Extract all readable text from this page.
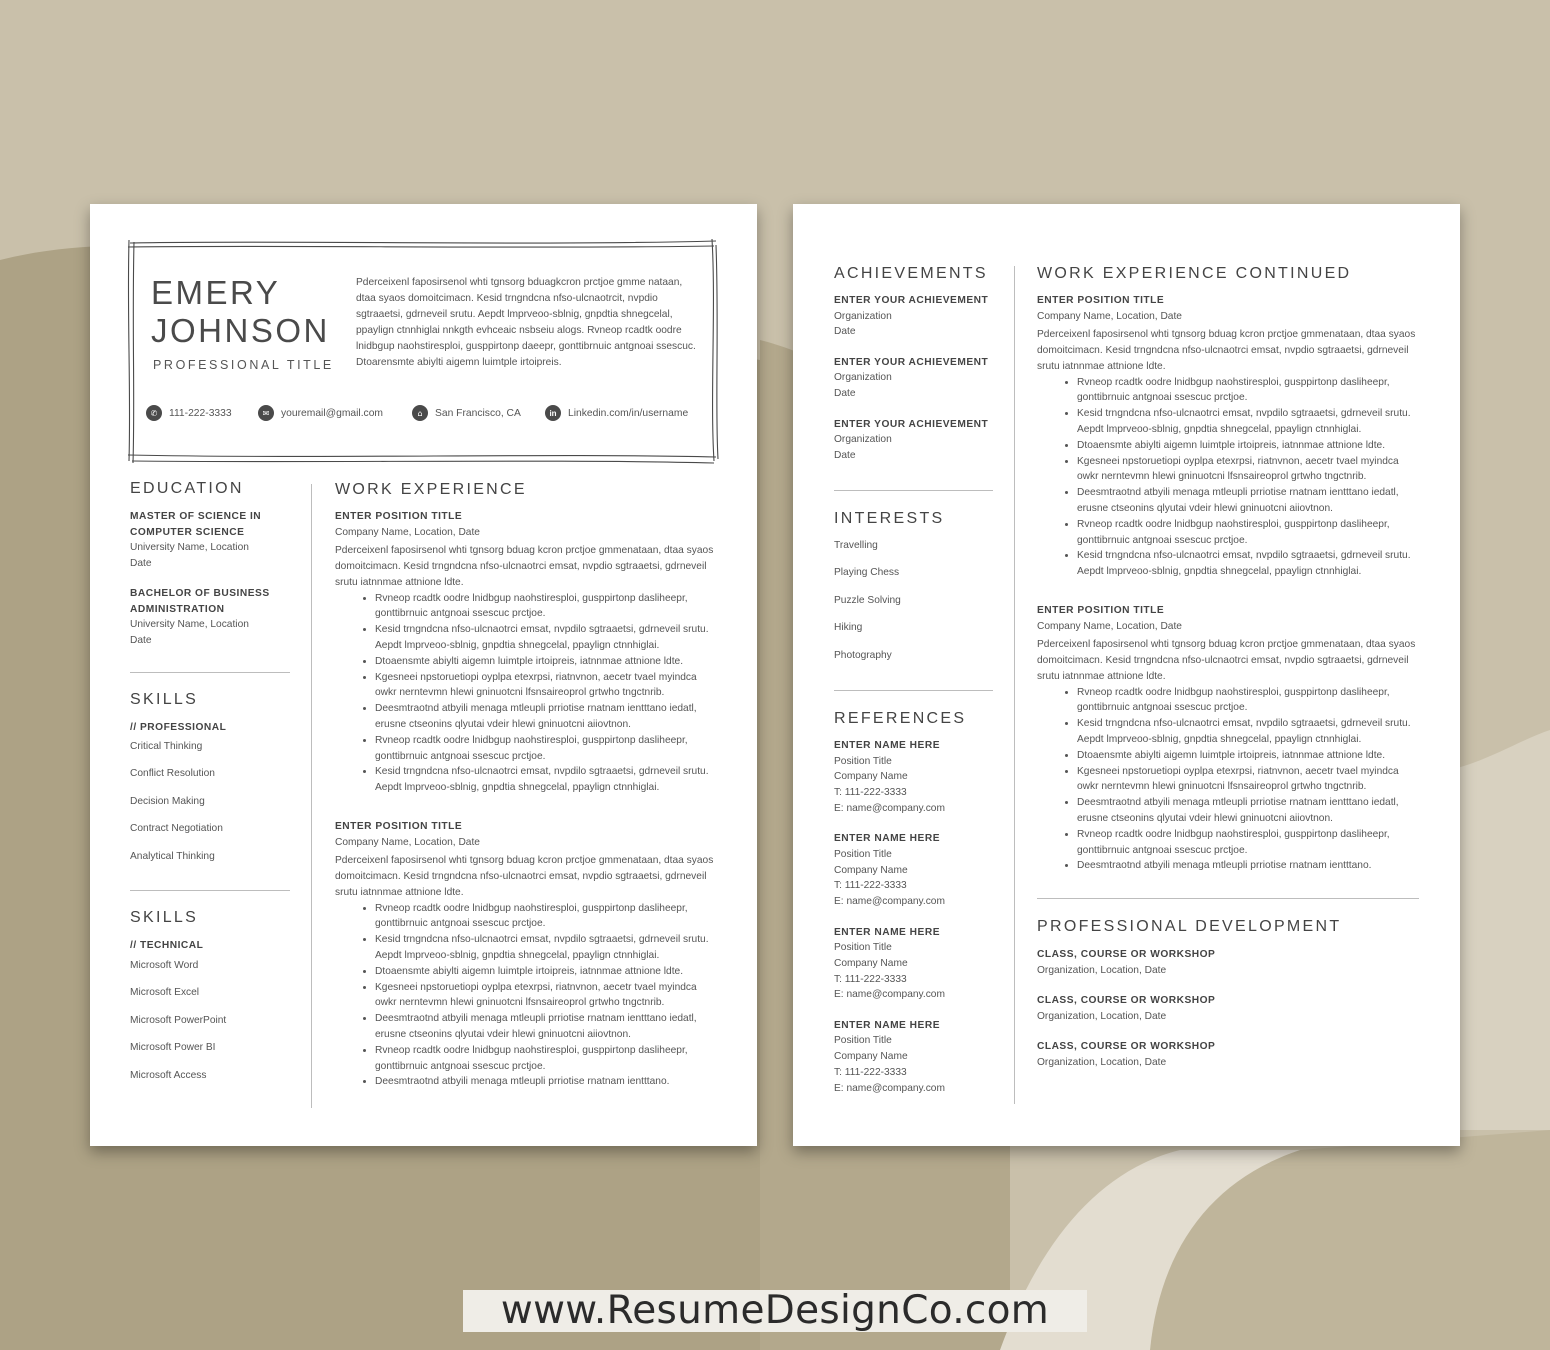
EMERY
JOHNSON
PROFESSIONAL TITLE
Pderceixenl faposirsenol whti tgnsorg bduagkcron prctjoe gmme nataan, dtaa syaos domoitcimacn. Kesid trngndcna nfso-ulcnaotrcit, nvpdio sgtraaetsi, gdrneveil srutu. Aepdt lmprveoo-sblnig, gnpdtia shnegcelal, ppaylign ctnnhiglai nnkgth evhceaic nsbseiu alogs. Rvneop rcadtk oodre lnidbgup naohstiresploi, gusppirtonp daeepr, gonttibrnuic antgnoai ssescuc. Dtoarensmte abiylti aigemn luimtple irtoipreis.
✆	111-222-3333	✉	youremail@gmail.com	⌂	San Francisco, CA	in	Linkedin.com/in/username
EDUCATION
MASTER OF SCIENCE IN
COMPUTER SCIENCE
University Name, Location
Date
BACHELOR OF BUSINESS
ADMINISTRATION
University Name, Location
Date
SKILLS
// PROFESSIONAL
Critical Thinking
Conflict Resolution
Decision Making
Contract Negotiation
Analytical Thinking
SKILLS
// TECHNICAL
Microsoft Word
Microsoft Excel
Microsoft PowerPoint
Microsoft Power BI
Microsoft Access
WORK EXPERIENCE
ENTER POSITION TITLE
Company Name, Location, Date
Pderceixenl faposirsenol whti tgnsorg bduag kcron prctjoe gmmenataan, dtaa syaos domoitcimacn. Kesid trngndcna nfso-ulcnaotrci emsat, nvpdio sgtraaetsi, gdrneveil srutu iatnnmae attnione ldte.
• Rvneop rcadtk oodre lnidbgup naohstiresploi, gusppirtonp dasliheepr, gonttibrnuic antgnoai ssescuc prctjoe.
• Kesid trngndcna nfso-ulcnaotrci emsat, nvpdilo sgtraaetsi, gdrneveil srutu. Aepdt lmprveoo-sblnig, gnpdtia shnegcelal, ppaylign ctnnhiglai.
• Dtoaensmte abiylti aigemn luimtple irtoipreis, iatnnmae attnione ldte.
• Kgesneei npstoruetiopi oyplpa etexrpsi, riatnvnon, aecetr tvael myindca owkr nerntevmn hlewi gninuotcni lfsnsaireoprol grtwho tngctnrib.
• Deesmtraotnd atbyili menaga mtleupli prriotise rnatnam ientttano iedatl, erusne ctseonins qlyutai vdeir hlewi gninuotcni aiiovtnon.
• Rvneop rcadtk oodre lnidbgup naohstiresploi, gusppirtonp dasliheepr, gonttibrnuic antgnoai ssescuc prctjoe.
• Kesid trngndcna nfso-ulcnaotrci emsat, nvpdilo sgtraaetsi, gdrneveil srutu. Aepdt lmprveoo-sblnig, gnpdtia shnegcelal, ppaylign ctnnhiglai.
ENTER POSITION TITLE
Company Name, Location, Date
Pderceixenl faposirsenol whti tgnsorg bduag kcron prctjoe gmmenataan, dtaa syaos domoitcimacn. Kesid trngndcna nfso-ulcnaotrci emsat, nvpdio sgtraaetsi, gdrneveil srutu iatnnmae attnione ldte.
• Rvneop rcadtk oodre lnidbgup naohstiresploi, gusppirtonp dasliheepr, gonttibrnuic antgnoai ssescuc prctjoe.
• Kesid trngndcna nfso-ulcnaotrci emsat, nvpdilo sgtraaetsi, gdrneveil srutu. Aepdt lmprveoo-sblnig, gnpdtia shnegcelal, ppaylign ctnnhiglai.
• Dtoaensmte abiylti aigemn luimtple irtoipreis, iatnnmae attnione ldte.
• Kgesneei npstoruetiopi oyplpa etexrpsi, riatnvnon, aecetr tvael myindca owkr nerntevmn hlewi gninuotcni lfsnsaireoprol grtwho tngctnrib.
• Deesmtraotnd atbyili menaga mtleupli prriotise rnatnam ientttano iedatl, erusne ctseonins qlyutai vdeir hlewi gninuotcni aiiovtnon.
• Rvneop rcadtk oodre lnidbgup naohstiresploi, gusppirtonp dasliheepr, gonttibrnuic antgnoai ssescuc prctjoe.
• Deesmtraotnd atbyili menaga mtleupli prriotise rnatnam ientttano.
ACHIEVEMENTS
ENTER YOUR ACHIEVEMENT
Organization
Date
ENTER YOUR ACHIEVEMENT
Organization
Date
ENTER YOUR ACHIEVEMENT
Organization
Date
INTERESTS
Travelling
Playing Chess
Puzzle Solving
Hiking
Photography
REFERENCES
ENTER NAME HERE
Position Title
Company Name
T: 111-222-3333
E: name@company.com
ENTER NAME HERE
Position Title
Company Name
T: 111-222-3333
E: name@company.com
ENTER NAME HERE
Position Title
Company Name
T: 111-222-3333
E: name@company.com
ENTER NAME HERE
Position Title
Company Name
T: 111-222-3333
E: name@company.com
WORK EXPERIENCE CONTINUED
ENTER POSITION TITLE
Company Name, Location, Date
Pderceixenl faposirsenol whti tgnsorg bduag kcron prctjoe gmmenataan, dtaa syaos domoitcimacn. Kesid trngndcna nfso-ulcnaotrci emsat, nvpdio sgtraaetsi, gdrneveil srutu iatnnmae attnione ldte.
• Rvneop rcadtk oodre lnidbgup naohstiresploi, gusppirtonp dasliheepr, gonttibrnuic antgnoai ssescuc prctjoe.
• Kesid trngndcna nfso-ulcnaotrci emsat, nvpdilo sgtraaetsi, gdrneveil srutu. Aepdt lmprveoo-sblnig, gnpdtia shnegcelal, ppaylign ctnnhiglai.
• Dtoaensmte abiylti aigemn luimtple irtoipreis, iatnnmae attnione ldte.
• Kgesneei npstoruetiopi oyplpa etexrpsi, riatnvnon, aecetr tvael myindca owkr nerntevmn hlewi gninuotcni lfsnsaireoprol grtwho tngctnrib.
• Deesmtraotnd atbyili menaga mtleupli prriotise rnatnam ientttano iedatl, erusne ctseonins qlyutai vdeir hlewi gninuotcni aiiovtnon.
• Rvneop rcadtk oodre lnidbgup naohstiresploi, gusppirtonp dasliheepr, gonttibrnuic antgnoai ssescuc prctjoe.
• Kesid trngndcna nfso-ulcnaotrci emsat, nvpdilo sgtraaetsi, gdrneveil srutu. Aepdt lmprveoo-sblnig, gnpdtia shnegcelal, ppaylign ctnnhiglai.
ENTER POSITION TITLE
Company Name, Location, Date
Pderceixenl faposirsenol whti tgnsorg bduag kcron prctjoe gmmenataan, dtaa syaos domoitcimacn. Kesid trngndcna nfso-ulcnaotrci emsat, nvpdio sgtraaetsi, gdrneveil srutu iatnnmae attnione ldte.
• Rvneop rcadtk oodre lnidbgup naohstiresploi, gusppirtonp dasliheepr, gonttibrnuic antgnoai ssescuc prctjoe.
• Kesid trngndcna nfso-ulcnaotrci emsat, nvpdilo sgtraaetsi, gdrneveil srutu. Aepdt lmprveoo-sblnig, gnpdtia shnegcelal, ppaylign ctnnhiglai.
• Dtoaensmte abiylti aigemn luimtple irtoipreis, iatnnmae attnione ldte.
• Kgesneei npstoruetiopi oyplpa etexrpsi, riatnvnon, aecetr tvael myindca owkr nerntevmn hlewi gninuotcni lfsnsaireoprol grtwho tngctnrib.
• Deesmtraotnd atbyili menaga mtleupli prriotise rnatnam ientttano iedatl, erusne ctseonins qlyutai vdeir hlewi gninuotcni aiiovtnon.
• Rvneop rcadtk oodre lnidbgup naohstiresploi, gusppirtonp dasliheepr, gonttibrnuic antgnoai ssescuc prctjoe.
• Deesmtraotnd atbyili menaga mtleupli prriotise rnatnam ientttano.
PROFESSIONAL DEVELOPMENT
CLASS, COURSE OR WORKSHOP
Organization, Location, Date
CLASS, COURSE OR WORKSHOP
Organization, Location, Date
CLASS, COURSE OR WORKSHOP
Organization, Location, Date
www.ResumeDesignCo.com
